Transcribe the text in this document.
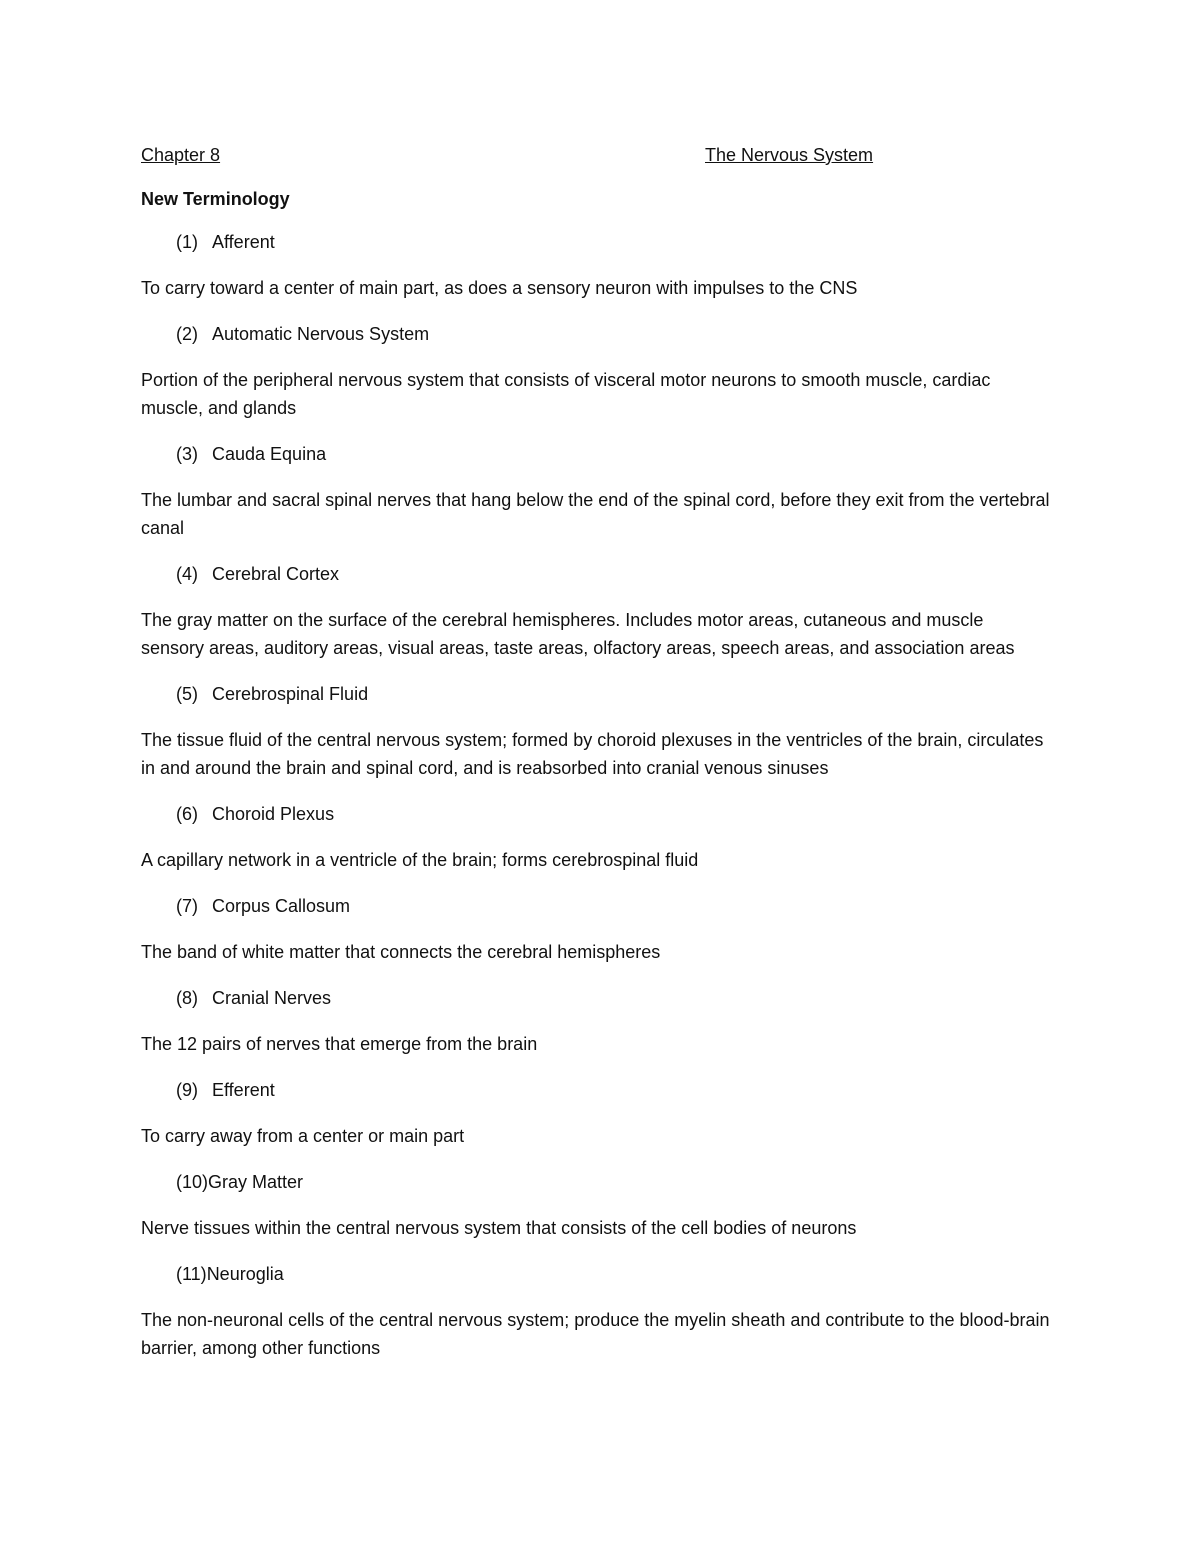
Chapter 8	The Nervous System
New Terminology

(1) Afferent

To carry toward a center of main part, as does a sensory neuron with impulses to the CNS

(2) Automatic Nervous System

Portion of the peripheral nervous system that consists of visceral motor neurons to smooth muscle, cardiac muscle, and glands

(3) Cauda Equina

The lumbar and sacral spinal nerves that hang below the end of the spinal cord, before they exit from the vertebral canal

(4) Cerebral Cortex

The gray matter on the surface of the cerebral hemispheres. Includes motor areas, cutaneous and muscle sensory areas, auditory areas, visual areas, taste areas, olfactory areas, speech areas, and association areas

(5) Cerebrospinal Fluid

The tissue fluid of the central nervous system; formed by choroid plexuses in the ventricles of the brain, circulates in and around the brain and spinal cord, and is reabsorbed into cranial venous sinuses

(6) Choroid Plexus

A capillary network in a ventricle of the brain; forms cerebrospinal fluid

(7) Corpus Callosum

The band of white matter that connects the cerebral hemispheres

(8) Cranial Nerves

The 12 pairs of nerves that emerge from the brain

(9) Efferent

To carry away from a center or main part

(10)Gray Matter

Nerve tissues within the central nervous system that consists of the cell bodies of neurons

(11)Neuroglia

The non-neuronal cells of the central nervous system; produce the myelin sheath and contribute to the blood-brain barrier, among other functions
